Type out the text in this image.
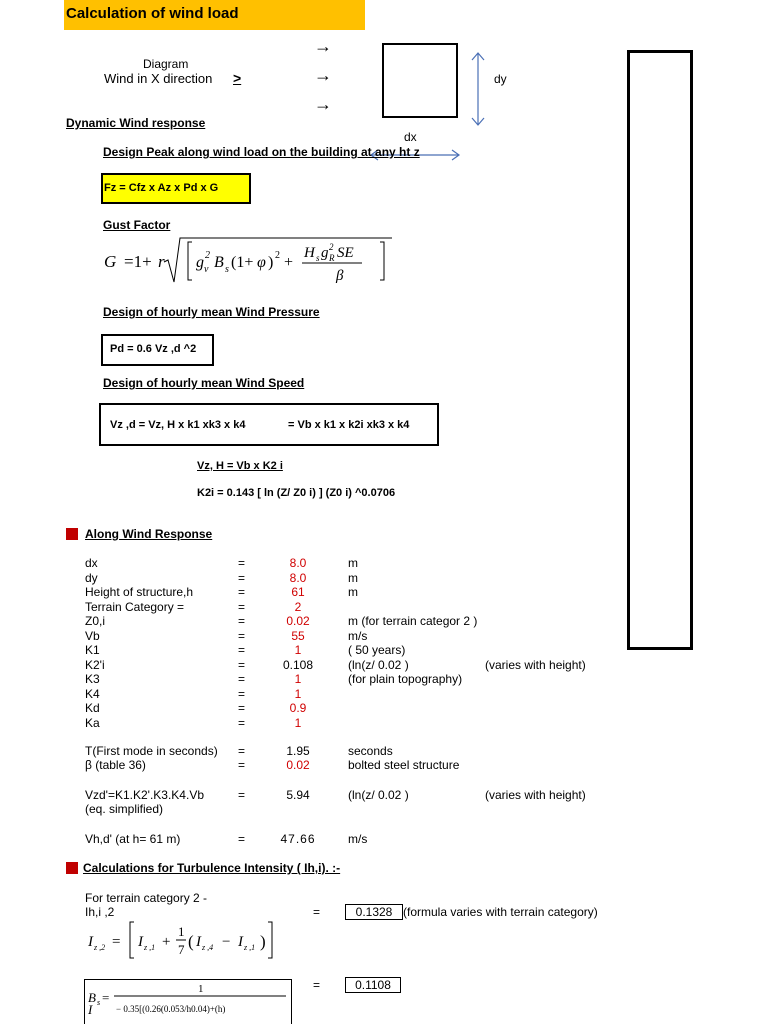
Calculation of wind load
Diagram
Wind in X direction >
→
→
→
dy
dx
Dynamic Wind response
Design Peak along wind load on the building at any ht z
Fz = Cfz x Az x Pd x G
Gust Factor
G =1+ r g 2
v B s (1+ φ ) 2 +
H s g 2
R SE
β
Design of hourly mean Wind Pressure
Pd = 0.6 Vz ,d ^2
Design of hourly mean Wind Speed
Vz ,d = Vz, H x k1 xk3 x k4	= Vb x k1 x k2i xk3 x k4
Vz, H = Vb x K2 i
K2i = 0.143 [ ln (Z/ Z0 i) ] (Z0 i) ^0.0706
Along Wind Response
dx	=	8.0	m
dy	=	8.0	m
Height of structure,h	=	61	m
Terrain Category =	=	2
Z0,i	=	0.02	m (for terrain categor 2 )
Vb	=	55	m/s
K1	=	1	( 50 years)
K2'i	=	0.108	(ln(z/ 0.02 )	(varies with height)
K3	=	1	(for plain topography)
K4	=	1
Kd	=	0.9
Ka	=	1
T(First mode in seconds) =	1.95	seconds
β (table 36)	=	0.02	bolted steel structure
Vzd'=K1.K2'.K3.K4.Vb
(eq. simplified)
=	5.94	(ln(z/ 0.02 )	(varies with height)
Vh,d' (at h= 61 m)	=	47.66	m/s
Calculations for Turbulence Intensity ( Ih,i). :-
For terrain category 2 -
Ih,i ,2	=	0.1328 (formula varies with terrain category)
I z ,2 = I z ,1 +
1
7 ( I z ,4 − I z ,1 )
=	0.1108
1
B s =
I	− 0.35[(0.26(0.053/h0.04)+(h)
